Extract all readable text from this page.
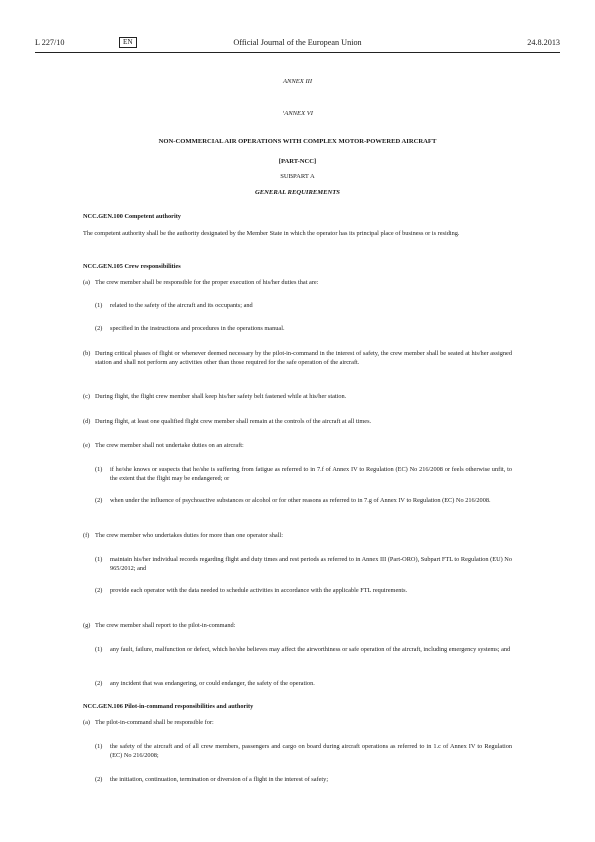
L 227/10	EN	Official Journal of the European Union	24.8.2013
ANNEX III
‘ANNEX VI
NON-COMMERCIAL AIR OPERATIONS WITH COMPLEX MOTOR-POWERED AIRCRAFT
[PART-NCC]
SUBPART A
GENERAL REQUIREMENTS
NCC.GEN.100 Competent authority
The competent authority shall be the authority designated by the Member State in which the operator has its principal place of business or is residing.
NCC.GEN.105 Crew responsibilities
(a) The crew member shall be responsible for the proper execution of his/her duties that are:
(1)	related to the safety of the aircraft and its occupants; and
(2)	specified in the instructions and procedures in the operations manual.
(b) During critical phases of flight or whenever deemed necessary by the pilot-in-command in the interest of safety, the crew member shall be seated at his/her assigned station and shall not perform any activities other than those required for the safe operation of the aircraft.
(c) During flight, the flight crew member shall keep his/her safety belt fastened while at his/her station.
(d) During flight, at least one qualified flight crew member shall remain at the controls of the aircraft at all times.
(e) The crew member shall not undertake duties on an aircraft:
(1)	if he/she knows or suspects that he/she is suffering from fatigue as referred to in 7.f of Annex IV to Regulation (EC) No 216/2008 or feels otherwise unfit, to the extent that the flight may be endangered; or
(2)	when under the influence of psychoactive substances or alcohol or for other reasons as referred to in 7.g of Annex IV to Regulation (EC) No 216/2008.
(f) The crew member who undertakes duties for more than one operator shall:
(1)	maintain his/her individual records regarding flight and duty times and rest periods as referred to in Annex III (Part-ORO), Subpart FTL to Regulation (EU) No 965/2012; and
(2)	provide each operator with the data needed to schedule activities in accordance with the applicable FTL requirements.
(g) The crew member shall report to the pilot-in-command:
(1)	any fault, failure, malfunction or defect, which he/she believes may affect the airworthiness or safe operation of the aircraft, including emergency systems; and
(2)	any incident that was endangering, or could endanger, the safety of the operation.
NCC.GEN.106 Pilot-in-command responsibilities and authority
(a) The pilot-in-command shall be responsible for:
(1)	the safety of the aircraft and of all crew members, passengers and cargo on board during aircraft operations as referred to in 1.c of Annex IV to Regulation (EC) No 216/2008;
(2)	the initiation, continuation, termination or diversion of a flight in the interest of safety;
